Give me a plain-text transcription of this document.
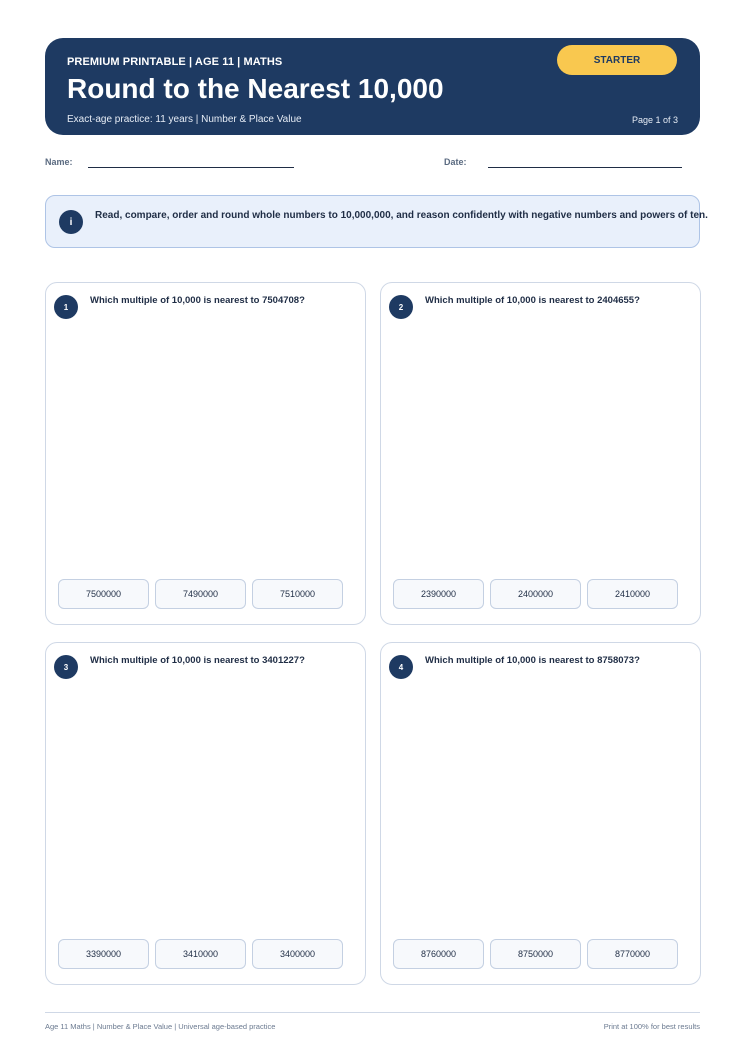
PREMIUM PRINTABLE | AGE 11 | MATHS
Round to the Nearest 10,000
Exact-age practice: 11 years | Number & Place Value	Page 1 of 3
STARTER
Name:	Date:
i
Read, compare, order and round whole numbers to 10,000,000, and reason confidently with negative numbers and powers of ten.
1
Which multiple of 10,000 is nearest to 7504708?
7500000	7490000	7510000
2
Which multiple of 10,000 is nearest to 2404655?
2390000	2400000	2410000
3
Which multiple of 10,000 is nearest to 3401227?
3390000	3410000	3400000
4
Which multiple of 10,000 is nearest to 8758073?
8760000	8750000	8770000
Age 11 Maths | Number & Place Value | Universal age-based practice	Print at 100% for best results
